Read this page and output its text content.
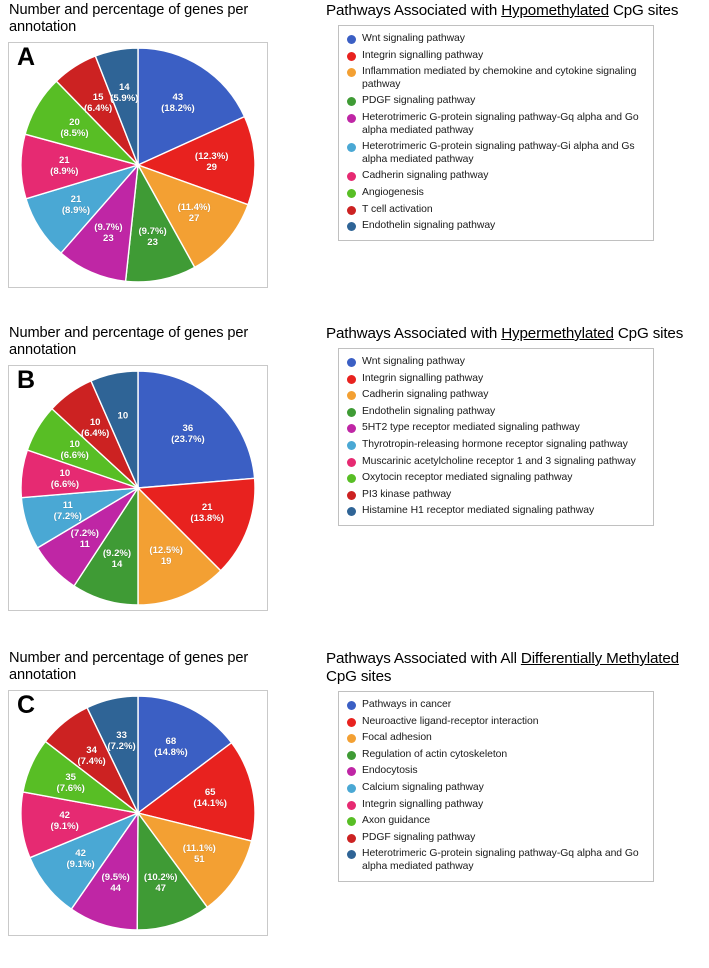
Number and percentage of genes per annotation
A
43
(18.2%)
(12.3%)
29
(11.4%)
27
(9.7%)
23
(9.7%)
23
21
(8.9%)
21
(8.9%)
20
(8.5%)
15
(6.4%)
14
(5.9%)
Pathways Associated with Hypomethylated CpG sites
Wnt signaling pathway
Integrin signalling pathway
Inflammation mediated by chemokine and cytokine signaling pathway
PDGF signaling pathway
Heterotrimeric G-protein signaling pathway-Gq alpha and Go alpha mediated pathway
Heterotrimeric G-protein signaling pathway-Gi alpha and Gs alpha mediated pathway
Cadherin signaling pathway
Angiogenesis
T cell activation
Endothelin signaling pathway
Number and percentage of genes per annotation
B
36
(23.7%)
21
(13.8%)
(12.5%)
19
(9.2%)
14
(7.2%)
11
11
(7.2%)
10
(6.6%)
10
(6.6%)
10
(6.4%)
10
Pathways Associated with Hypermethylated CpG sites
Wnt signaling pathway
Integrin signalling pathway
Cadherin signaling pathway
Endothelin signaling pathway
5HT2 type receptor mediated signaling pathway
Thyrotropin-releasing hormone receptor signaling pathway
Muscarinic acetylcholine receptor 1 and 3 signaling pathway
Oxytocin receptor mediated signaling pathway
PI3 kinase pathway
Histamine H1 receptor mediated signaling pathway
Number and percentage of genes per annotation
C
68
(14.8%)
65
(14.1%)
(11.1%)
51
(10.2%)
47
(9.5%)
44
42
(9.1%)
42
(9.1%)
35
(7.6%)
34
(7.4%)
33
(7.2%)
Pathways Associated with All Differentially Methylated CpG sites
Pathways in cancer
Neuroactive ligand-receptor interaction
Focal adhesion
Regulation of actin cytoskeleton
Endocytosis
Calcium signaling pathway
Integrin signalling pathway
Axon guidance
PDGF signaling pathway
Heterotrimeric G-protein signaling pathway-Gq alpha and Go alpha mediated pathway
